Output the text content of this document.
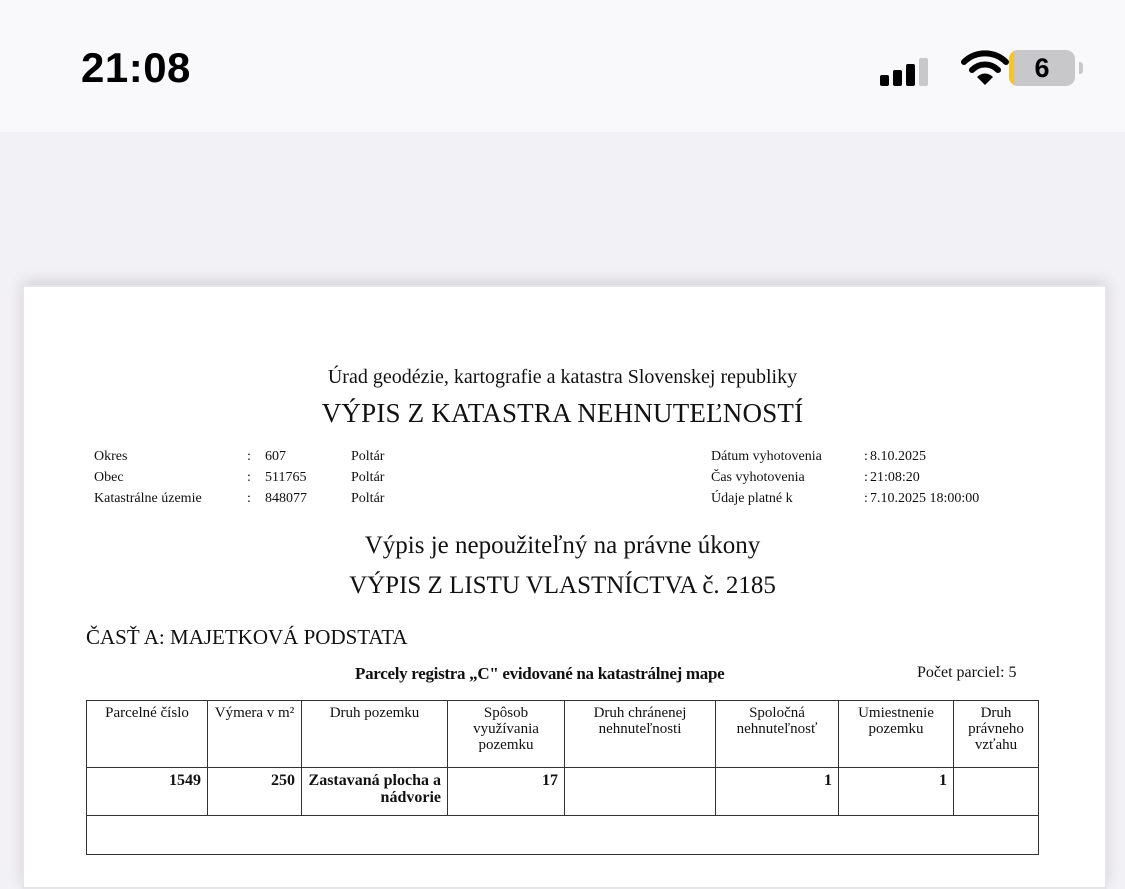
21:08	6
Úrad geodézie, kartografie a katastra Slovenskej republiky
VÝPIS Z KATASTRA NEHNUTEĽNOSTÍ
Okres	: 607	Poltár
Obec	: 511765	Poltár
Katastrálne územie	: 848077	Poltár
Dátum vyhotovenia	: 8.10.2025
Čas vyhotovenia	: 21:08:20
Údaje platné k	: 7.10.2025 18:00:00
Výpis je nepoužiteľný na právne úkony
VÝPIS Z LISTU VLASTNÍCTVA č. 2185
ČASŤ A: MAJETKOVÁ PODSTATA
Parcely registra „C" evidované na katastrálnej mape	Počet parciel: 5
Parcelné číslo	Výmera v m²	Druh pozemku	Spôsob využívania pozemku	Druh chránenej nehnuteľnosti	Spoločná nehnuteľnosť	Umiestnenie pozemku	Druh právneho vzťahu
1549	250	Zastavaná plocha a nádvorie	17		1	1	
